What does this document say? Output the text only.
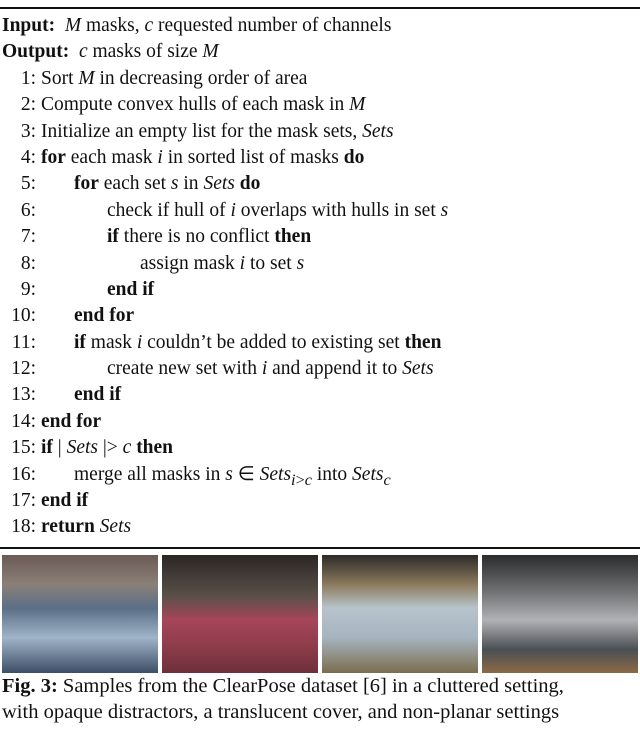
Input: M masks, c requested number of channels
Output: c masks of size M
1: Sort M in decreasing order of area
2: Compute convex hulls of each mask in M
3: Initialize an empty list for the mask sets, Sets
4: for each mask i in sorted list of masks do
5: for each set s in Sets do
6:	check if hull of i overlaps with hulls in set s
7:	if there is no conflict then
8:	assign mask i to set s
9:	end if
10: end for
11: if mask i couldn’t be added to existing set then
12:	create new set with i and append it to Sets
13: end if
14: end for
15: if | Sets |> c then
16: merge all masks in s ∈ Sets$_{i>c}$ into Sets$_c$
17: end if
18: return Sets
Fig. 3: Samples from the ClearPose dataset [6] in a cluttered setting,
with opaque distractors, a translucent cover, and non-planar settings
